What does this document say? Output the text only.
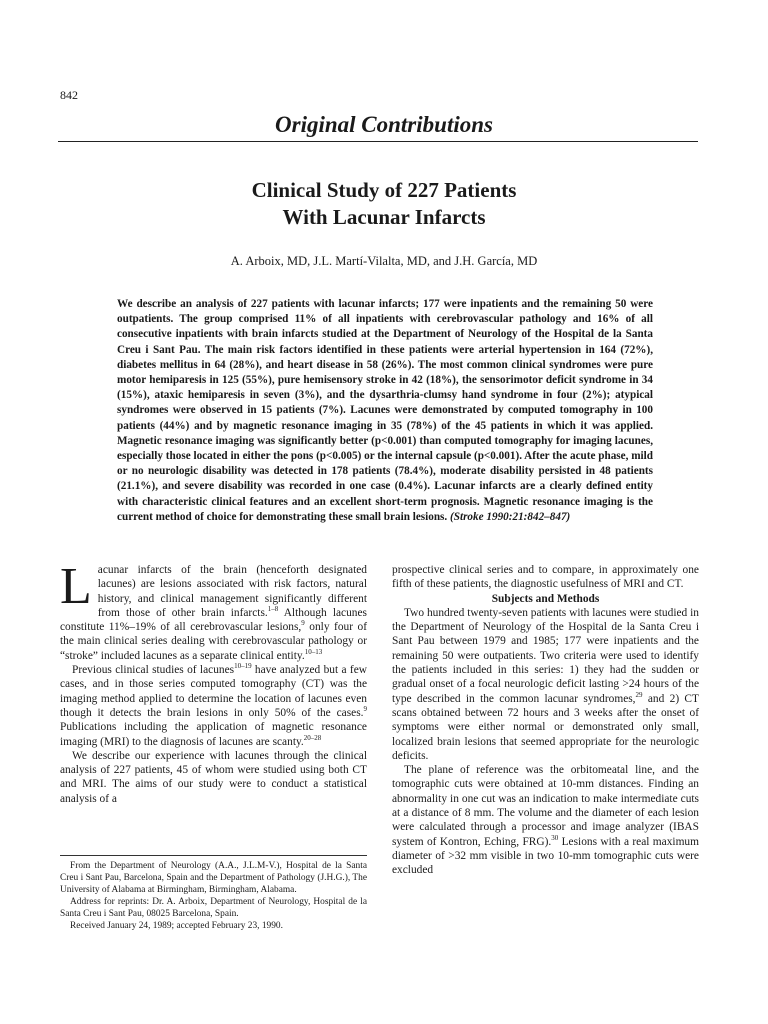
842
Original Contributions
Clinical Study of 227 Patients
With Lacunar Infarcts
A. Arboix, MD, J.L. Martí-Vilalta, MD, and J.H. García, MD

We describe an analysis of 227 patients with lacunar infarcts; 177 were inpatients and the remaining 50 were outpatients. The group comprised 11% of all inpatients with cerebrovascular pathology and 16% of all consecutive inpatients with brain infarcts studied at the Department of Neurology of the Hospital de la Santa Creu i Sant Pau. The main risk factors identified in these patients were arterial hypertension in 164 (72%), diabetes mellitus in 64 (28%), and heart disease in 58 (26%). The most common clinical syndromes were pure motor hemiparesis in 125 (55%), pure hemisensory stroke in 42 (18%), the sensorimotor deficit syndrome in 34 (15%), ataxic hemiparesis in seven (3%), and the dysarthria-clumsy hand syndrome in four (2%); atypical syndromes were observed in 15 patients (7%). Lacunes were demonstrated by computed tomography in 100 patients (44%) and by magnetic resonance imaging in 35 (78%) of the 45 patients in which it was applied. Magnetic resonance imaging was significantly better (p<0.001) than computed tomography for imaging lacunes, especially those located in either the pons (p<0.005) or the internal capsule (p<0.001). After the acute phase, mild or no neurologic disability was detected in 178 patients (78.4%), moderate disability persisted in 48 patients (21.1%), and severe disability was recorded in one case (0.4%). Lacunar infarcts are a clearly defined entity with characteristic clinical features and an excellent short-term prognosis. Magnetic resonance imaging is the current method of choice for demonstrating these small brain lesions. (Stroke 1990:21:842–847)

Lacunar infarcts of the brain (henceforth designated lacunes) are lesions associated with risk factors, natural history, and clinical management significantly different from those of other brain infarcts.$^{1-8}$ Although lacunes constitute 11%–19% of all cerebrovascular lesions,$^9$ only four of the main clinical series dealing with cerebrovascular pathology or “stroke” included lacunes as a separate clinical entity.$^{10-13}$

Previous clinical studies of lacunes$^{10-19}$ have analyzed but a few cases, and in those series computed tomography (CT) was the imaging method applied to determine the location of lacunes even though it detects the brain lesions in only 50% of the cases.$^9$ Publications including the application of magnetic resonance imaging (MRI) to the diagnosis of lacunes are scanty.$^{20-28}$

We describe our experience with lacunes through the clinical analysis of 227 patients, 45 of whom were studied using both CT and MRI. The aims of our study were to conduct a statistical analysis of a

From the Department of Neurology (A.A., J.L.M-V.), Hospital de la Santa Creu i Sant Pau, Barcelona, Spain and the Department of Pathology (J.H.G.), The University of Alabama at Birmingham, Birmingham, Alabama.

Address for reprints: Dr. A. Arboix, Department of Neurology, Hospital de la Santa Creu i Sant Pau, 08025 Barcelona, Spain.

Received January 24, 1989; accepted February 23, 1990.

prospective clinical series and to compare, in approximately one fifth of these patients, the diagnostic usefulness of MRI and CT.

Subjects and Methods

Two hundred twenty-seven patients with lacunes were studied in the Department of Neurology of the Hospital de la Santa Creu i Sant Pau between 1979 and 1985; 177 were inpatients and the remaining 50 were outpatients. Two criteria were used to identify the patients included in this series: 1) they had the sudden or gradual onset of a focal neurologic deficit lasting >24 hours of the type described in the common lacunar syndromes,$^{29}$ and 2) CT scans obtained between 72 hours and 3 weeks after the onset of symptoms were either normal or demonstrated only small, localized brain lesions that seemed appropriate for the neurologic deficits.

The plane of reference was the orbitomeatal line, and the tomographic cuts were obtained at 10-mm distances. Finding an abnormality in one cut was an indication to make intermediate cuts at a distance of 8 mm. The volume and the diameter of each lesion were calculated through a processor and image analyzer (IBAS system of Kontron, Eching, FRG).$^{30}$ Lesions with a real maximum diameter of >32 mm visible in two 10-mm tomographic cuts were excluded
